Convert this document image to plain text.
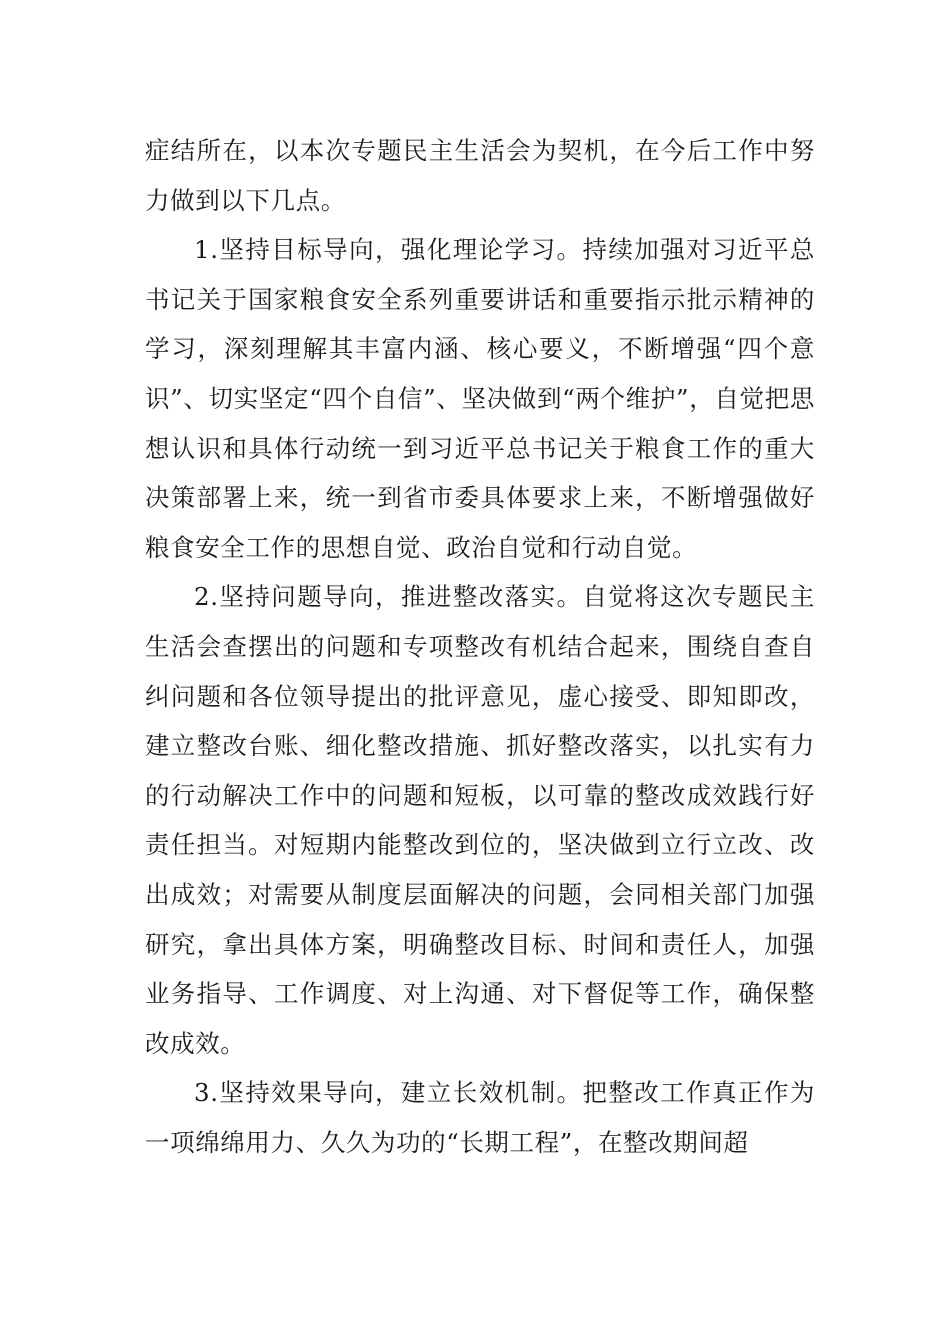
症结所在，以本次专题民主生活会为契机，在今后工作中努力做到以下几点。

1.坚持目标导向，强化理论学习。持续加强对习近平总书记关于国家粮食安全系列重要讲话和重要指示批示精神的学习，深刻理解其丰富内涵、核心要义，不断增强“四个意识”、切实坚定“四个自信”、坚决做到“两个维护”，自觉把思想认识和具体行动统一到习近平总书记关于粮食工作的重大决策部署上来，统一到省市委具体要求上来，不断增强做好粮食安全工作的思想自觉、政治自觉和行动自觉。

2.坚持问题导向，推进整改落实。自觉将这次专题民主生活会查摆出的问题和专项整改有机结合起来，围绕自查自纠问题和各位领导提出的批评意见，虚心接受、即知即改，建立整改台账、细化整改措施、抓好整改落实，以扎实有力的行动解决工作中的问题和短板，以可靠的整改成效践行好责任担当。对短期内能整改到位的，坚决做到立行立改、改出成效；对需要从制度层面解决的问题，会同相关部门加强研究，拿出具体方案，明确整改目标、时间和责任人，加强业务指导、工作调度、对上沟通、对下督促等工作，确保整改成效。

3.坚持效果导向，建立长效机制。把整改工作真正作为一项绵绵用力、久久为功的“长期工程”，在整改期间超
